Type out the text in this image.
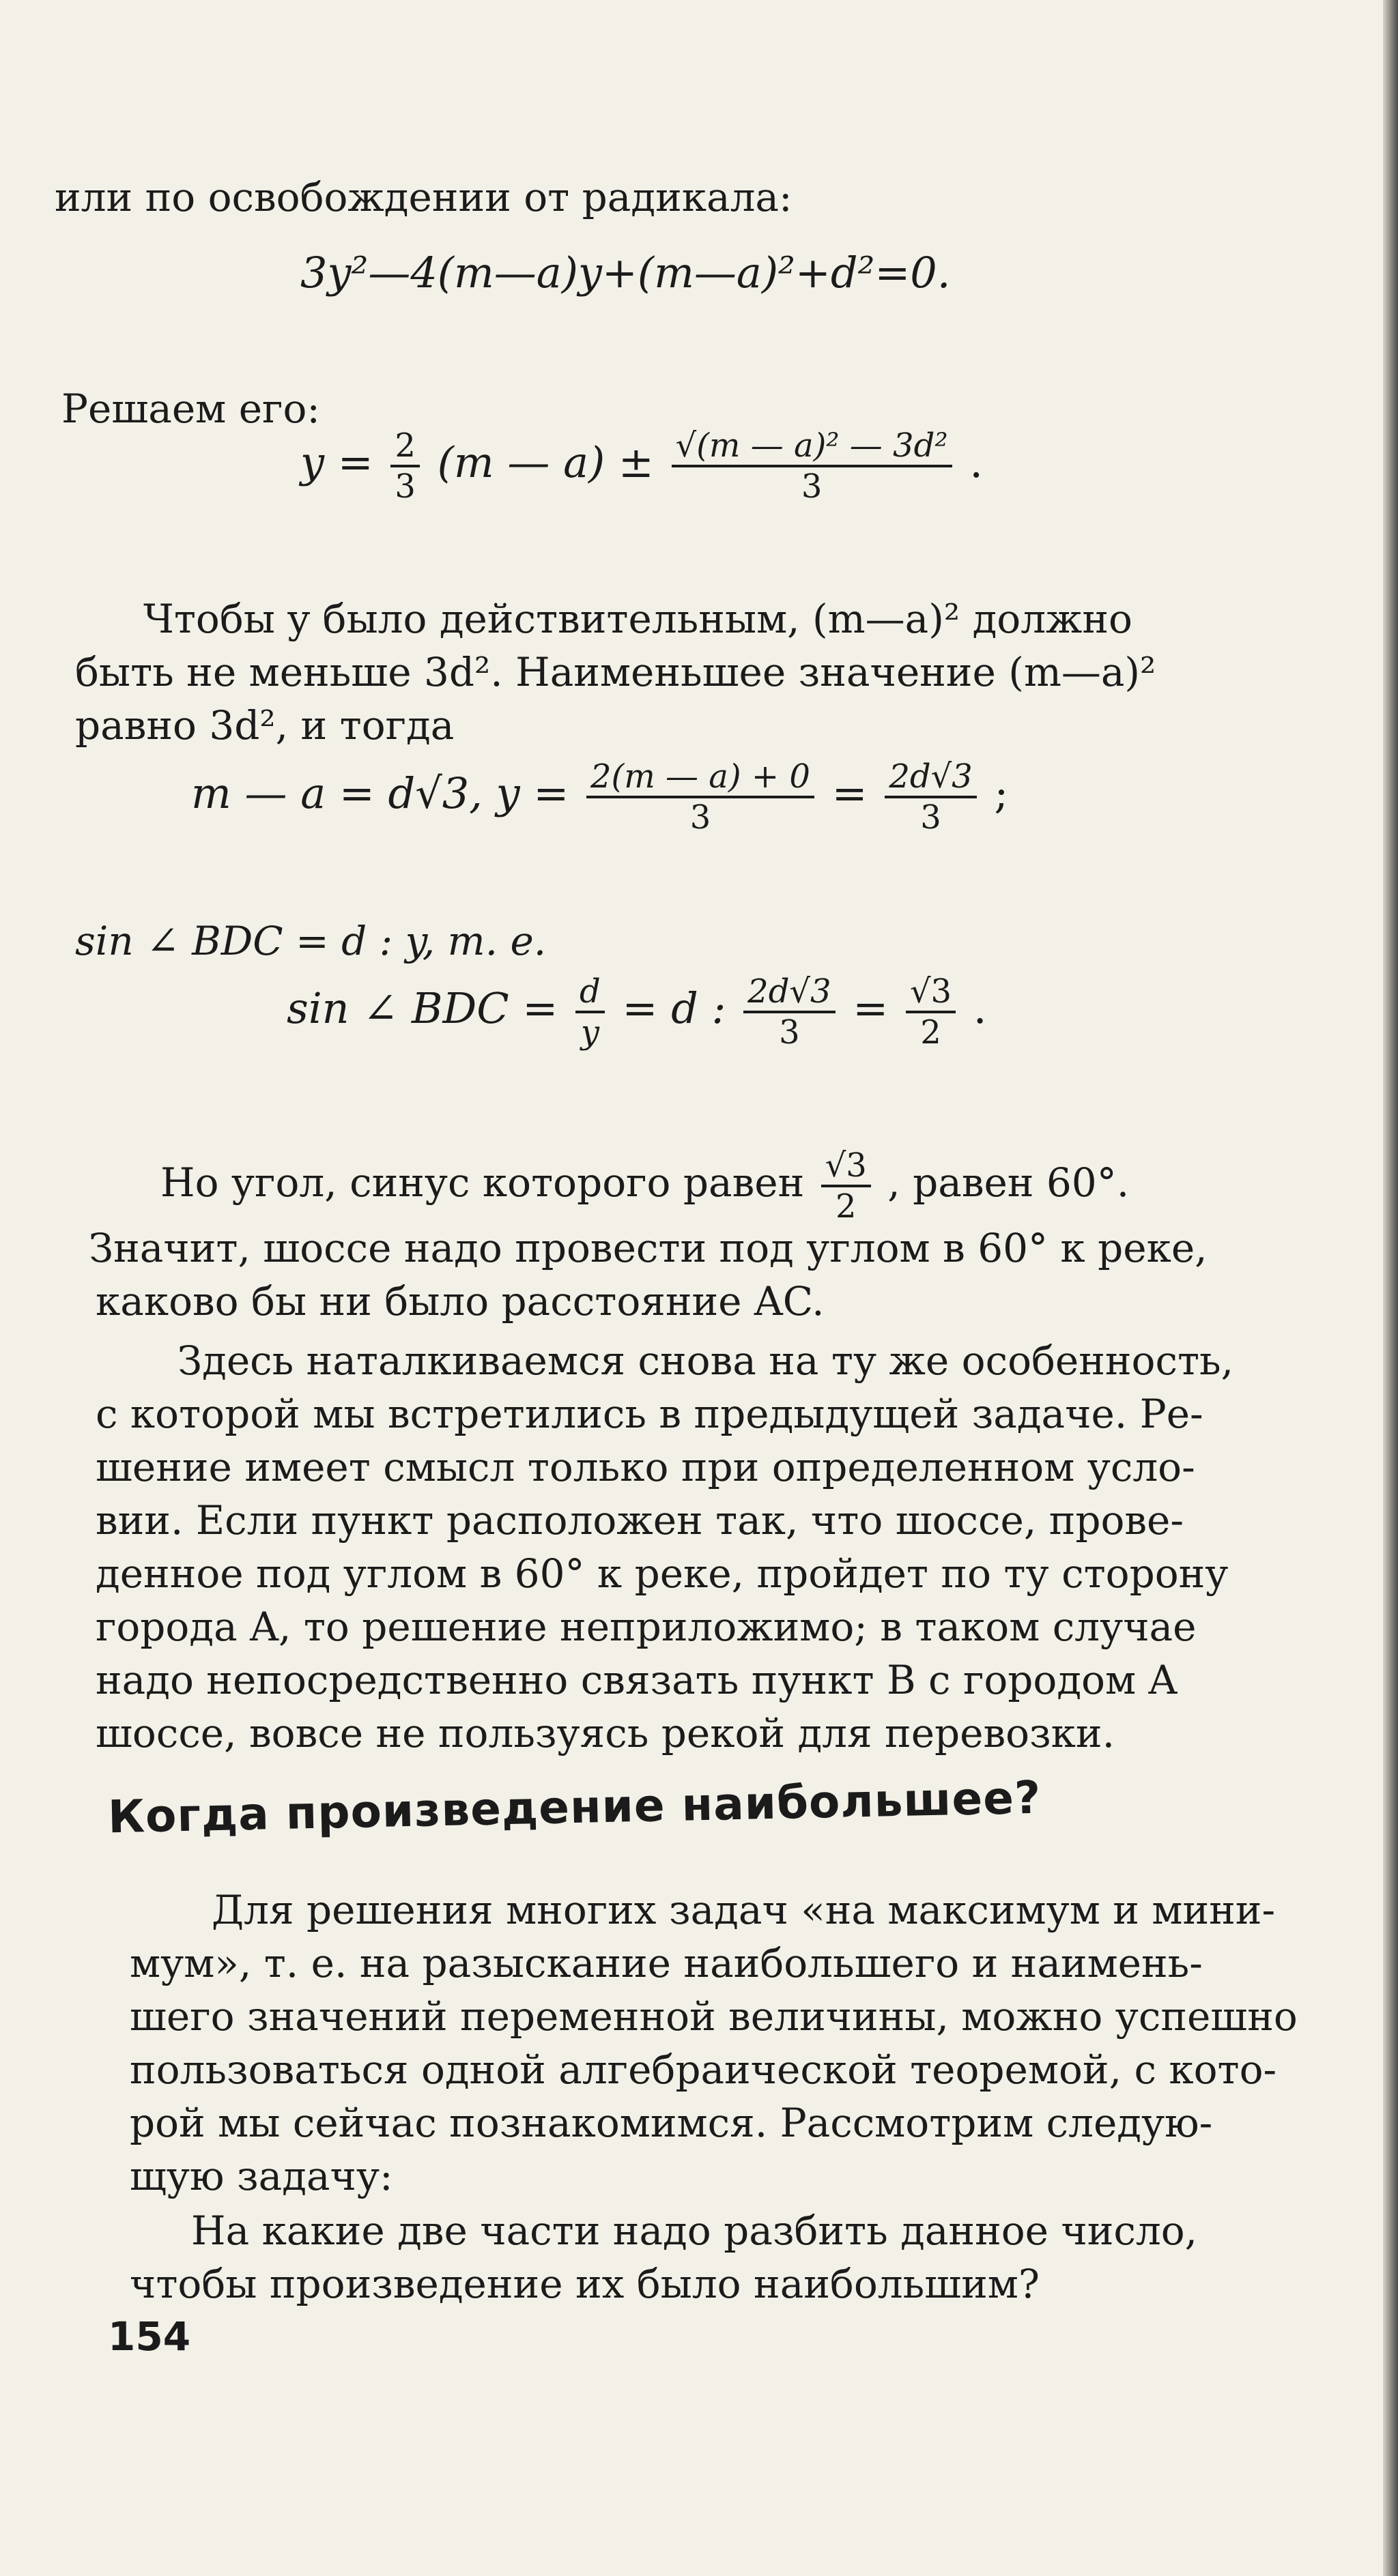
или по освобождении от радикала:
3y²—4(m—a)y+(m—a)²+d²=0.
Решаем его:
$y = \frac{2}{3} (m$ — $a) \pm \frac{\text{√(m — a)² — 3d²}}{3}$ .
Чтобы y было действительным, (m—a)² должно
быть не меньше 3d². Наименьшее значение (m—a)²
равно 3d², и тогда
m — a = d√3, $y = \frac{2(m — a) + 0}{3} = \frac{2d√3}{3}$ ;
sin ∠ BDC = d : y, т. е.
sin ∠ BDC = $\frac{d}{y} = d$ : $\frac{2d√3}{3} = \frac{√3}{2}$ .
Но угол, синус которого равен $\frac{√3}{2}$ , равен 60°.
Значит, шоссе надо провести под углом в 60° к реке,
каково бы ни было расстояние AC.
Здесь наталкиваемся снова на ту же особенность,
с которой мы встретились в предыдущей задаче. Ре-
шение имеет смысл только при определенном усло-
вии. Если пункт расположен так, что шоссе, прове-
денное под углом в 60° к реке, пройдет по ту сторону
города A, то решение неприложимо; в таком случае
надо непосредственно связать пункт B с городом A
шоссе, вовсе не пользуясь рекой для перевозки.
Когда произведение наибольшее?
Для решения многих задач «на максимум и мини-
мум», т. е. на разыскание наибольшего и наимень-
шего значений переменной величины, можно успешно
пользоваться одной алгебраической теоремой, с кото-
рой мы сейчас познакомимся. Рассмотрим следую-
щую задачу:
На какие две части надо разбить данное число,
чтобы произведение их было наибольшим?
154
